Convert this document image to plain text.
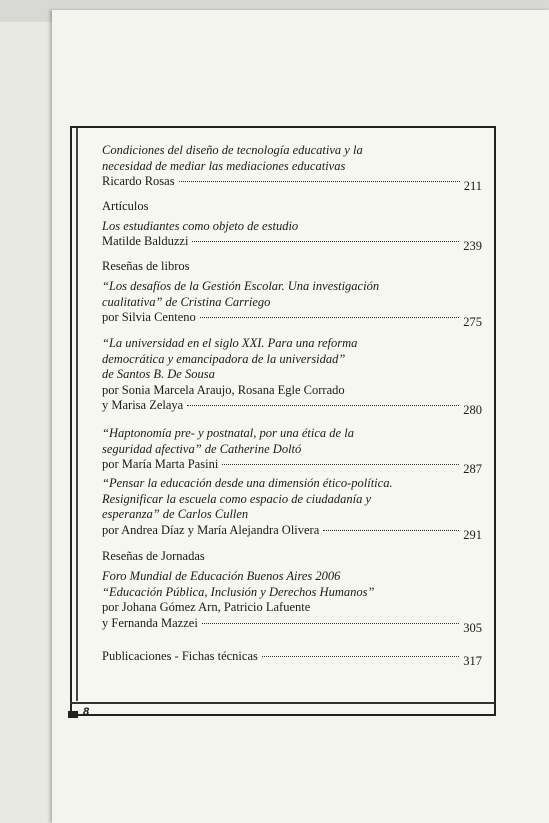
Condiciones del diseño de tecnología educativa y la
necesidad de mediar las mediaciones educativas
Ricardo Rosas	211
Artículos
Los estudiantes como objeto de estudio
Matilde Balduzzi	239
Reseñas de libros
“Los desafíos de la Gestión Escolar. Una investigación
cualitativa” de Cristina Carriego
por Silvia Centeno	275
“La universidad en el siglo XXI. Para una reforma
democrática y emancipadora de la universidad”
de Santos B. De Sousa
por Sonia Marcela Araujo, Rosana Egle Corrado
y Marisa Zelaya	280
“Haptonomía pre- y postnatal, por una ética de la
seguridad afectiva” de Catherine Doltó
por María Marta Pasini	287
“Pensar la educación desde una dimensión ético-política.
Resignificar la escuela como espacio de ciudadanía y
esperanza” de Carlos Cullen
por Andrea Díaz y María Alejandra Olivera	291
Reseñas de Jornadas
Foro Mundial de Educación Buenos Aires 2006
“Educación Pública, Inclusión y Derechos Humanos”
por Johana Gómez Arn, Patricio Lafuente
y Fernanda Mazzei	305
Publicaciones - Fichas técnicas	317
8
